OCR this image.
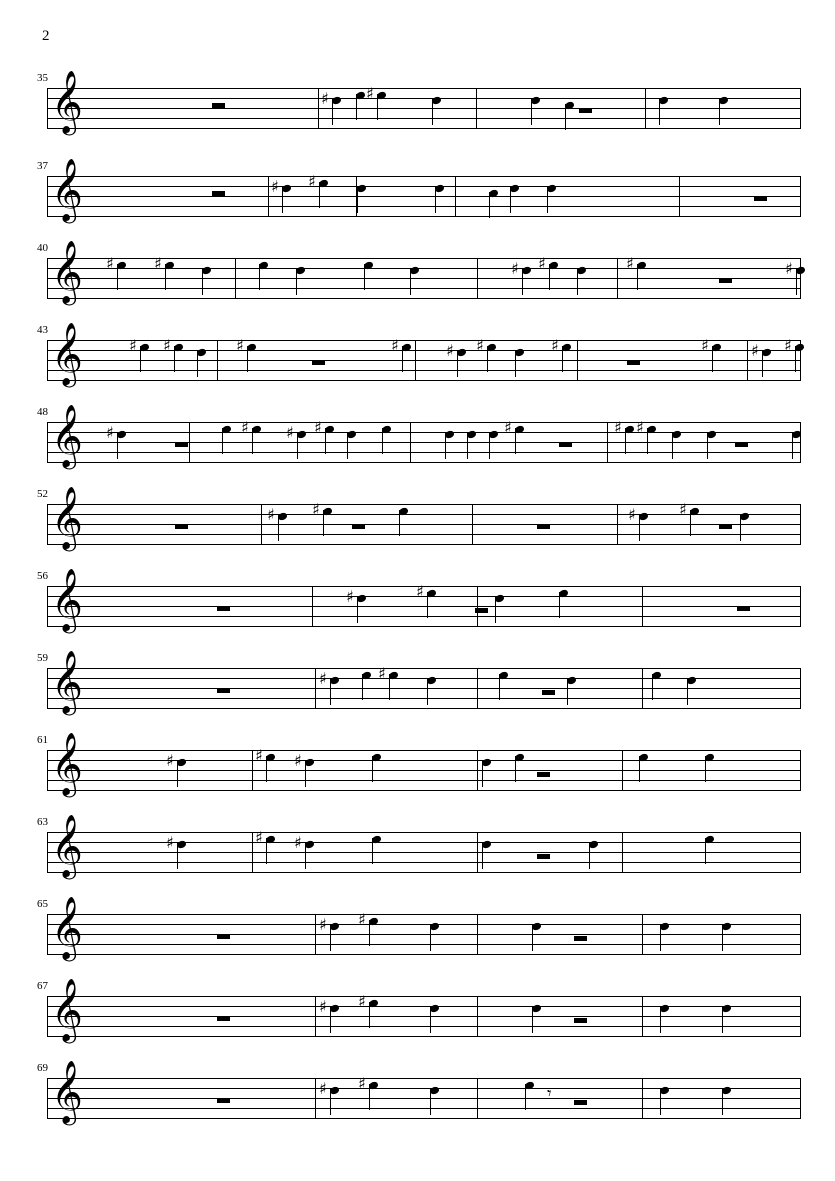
2
𝄞
35
♯ ♯
𝄞
37
♯ ♯
𝄞
40
♯	♯	♯ ♯	♯	♯
𝄞
43
♯ ♯	♯	♯	♯ ♯	♯	♯	♯ ♯
𝄞
48
♯	♯ ♯ ♯	♯	♯ ♯
𝄞
52
♯ ♯	♯	♯
𝄞
56
♯	♯
𝄞
59
♯	♯
𝄞
61
♯	♯ ♯
𝄞
63
♯	♯ ♯
𝄞
65
♯ ♯
𝄞
67
♯ ♯
𝄞
69
♯ ♯
𝄾
